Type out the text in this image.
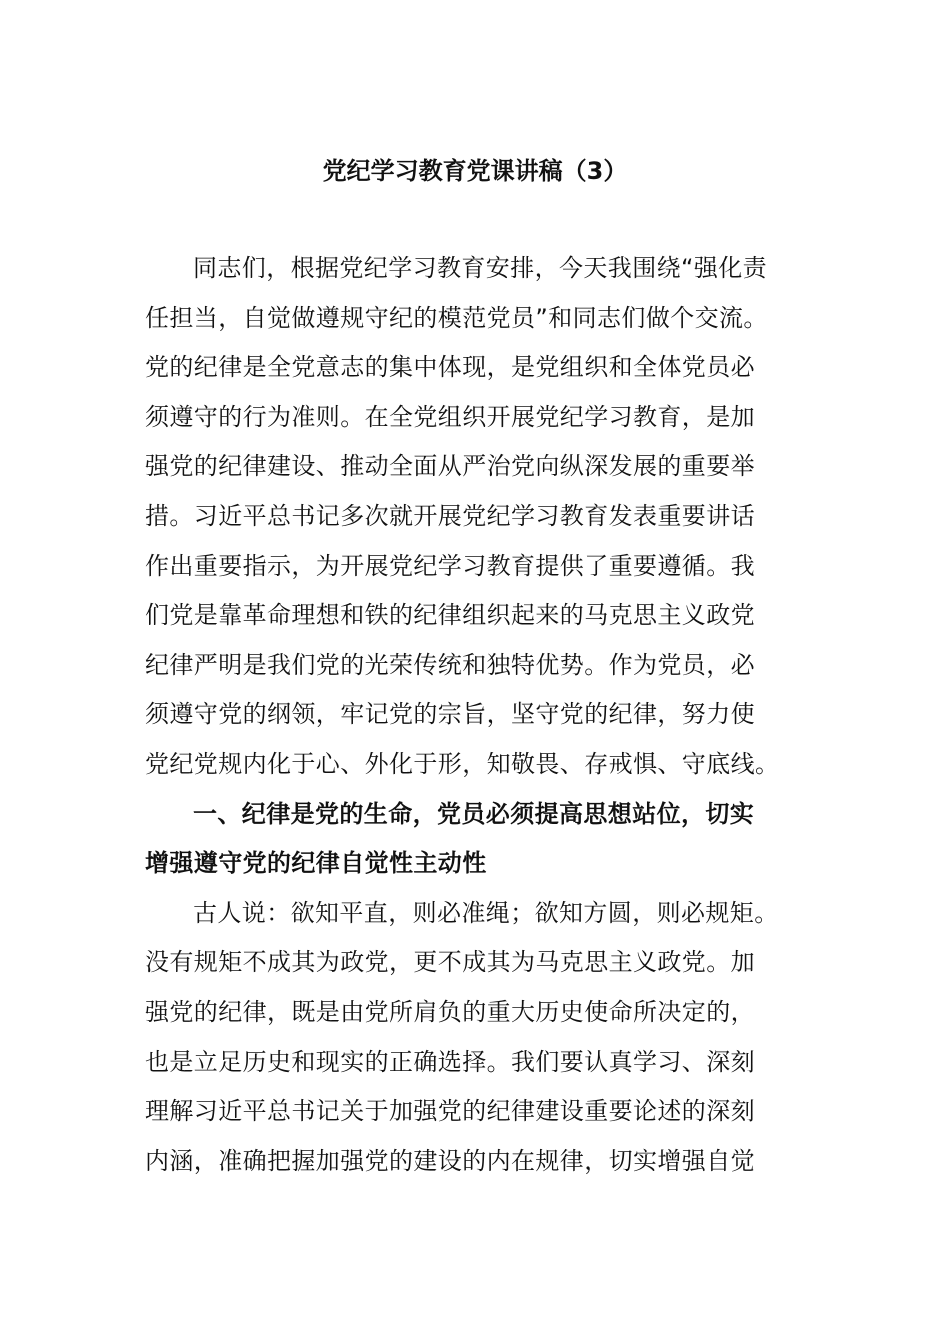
党纪学习教育党课讲稿（3）
同志们，根据党纪学习教育安排，今天我围绕“强化责
任担当，自觉做遵规守纪的模范党员”和同志们做个交流。
党的纪律是全党意志的集中体现，是党组织和全体党员必
须遵守的行为准则。在全党组织开展党纪学习教育，是加
强党的纪律建设、推动全面从严治党向纵深发展的重要举
措。习近平总书记多次就开展党纪学习教育发表重要讲话
作出重要指示，为开展党纪学习教育提供了重要遵循。我
们党是靠革命理想和铁的纪律组织起来的马克思主义政党
纪律严明是我们党的光荣传统和独特优势。作为党员，必
须遵守党的纲领，牢记党的宗旨，坚守党的纪律，努力使
党纪党规内化于心、外化于形，知敬畏、存戒惧、守底线。
一、纪律是党的生命，党员必须提高思想站位，切实
增强遵守党的纪律自觉性主动性
古人说：欲知平直，则必准绳；欲知方圆，则必规矩。
没有规矩不成其为政党，更不成其为马克思主义政党。加
强党的纪律，既是由党所肩负的重大历史使命所决定的，
也是立足历史和现实的正确选择。我们要认真学习、深刻
理解习近平总书记关于加强党的纪律建设重要论述的深刻
内涵，准确把握加强党的建设的内在规律，切实增强自觉
